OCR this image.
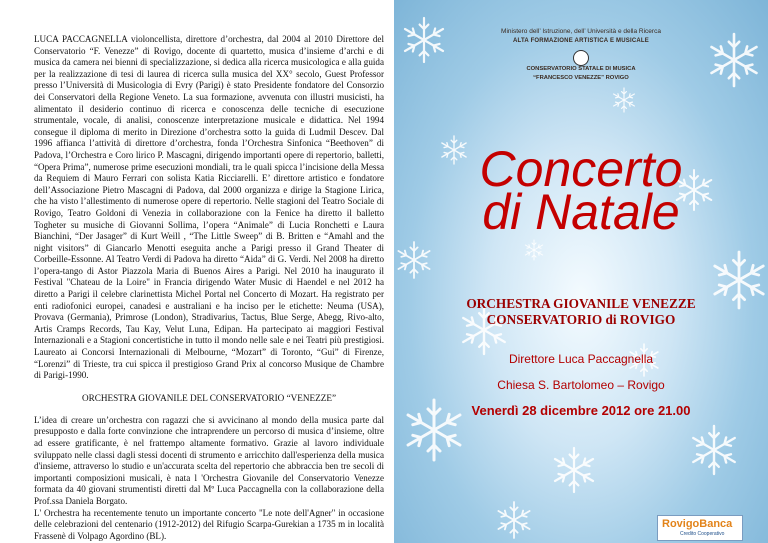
LUCA PACCAGNELLA violoncellista, direttore d’orchestra, dal 2004 al 2010 Direttore del Conservatorio “F. Venezze” di Rovigo, docente di quartetto, musica d’insieme d’archi e di musica da camera nei bienni di specializzazione, si dedica alla ricerca musicologica e alla guida per la realizzazione di tesi di laurea di ricerca sulla musica del XX° secolo, Guest Professor presso l’Università di Musicologia di Evry (Parigi) è stato Presidente fondatore del Consorzio dei Conservatori della Regione Veneto. La sua formazione, avvenuta con illustri musicisti, ha alimentato il desiderio continuo di ricerca e conoscenza delle tecniche di esecuzione strumentale, vocale, di analisi, conoscenze interpretazione musicale e didattica. Nel 1994 consegue il diploma di merito in Direzione d’orchestra sotto la guida di Ludmil Descev. Dal 1996 affianca l’attività di direttore d’orchestra, fonda l’Orchestra Sinfonica “Beethoven” di Padova, l’Orchestra e Coro lirico P. Mascagni, dirigendo importanti opere di repertorio, balletti, “Opera Prima”, numerose prime esecuzioni mondiali, tra le quali spicca l’incisione della Messa da Requiem di Mauro Ferrari con solista Katia Ricciarelli. E’ direttore artistico e fondatore dell’Associazione Pietro Mascagni di Padova, dal 2000 organizza e dirige la Stagione Lirica, che ha visto l’allestimento di numerose opere di repertorio. Nelle stagioni del Teatro Sociale di Rovigo, Teatro Goldoni di Venezia in collaborazione con la Fenice ha diretto il balletto Togheter su musiche di Giovanni Sollima, l’opera “Animale” di Lucia Ronchetti e Laura Bianchini, “Der Jasager” di Kurt Weill , “The Little Sweep” di B. Britten e “Amahl and the night visitors” di Giancarlo Menotti eseguita anche a Parigi presso il Grand Theater di Corbeille-Essonne. Al Teatro Verdi di Padova ha diretto “Aida” di G. Verdi. Nel 2008 ha diretto l’opera-tango di Astor Piazzola Maria di Buenos Aires a Parigi. Nel 2010 ha inaugurato il Festival "Chateau de la Loire" in Francia dirigendo Water Music di Haendel e nel 2012 ha diretto a Parigi il celebre clarinettista Michel Portal nel Concerto di Mozart. Ha registrato per enti radiofonici europei, canadesi e australiani e ha inciso per le etichette: Neuma (USA), Provava (Germania), Primrose (London), Stradivarius, Tactus, Blue Serge, Abegg, Rivo-alto, Artis Cramps Records, Tau Kay, Velut Luna, Edipan. Ha partecipato ai maggiori Festival Internazionali e a Stagioni concertistiche in tutto il mondo nelle sale e nei Teatri più prestigiosi. Laureato ai Concorsi Internazionali di Melbourne, “Mozart” di Toronto, “Gui” di Firenze, “Lorenzi” di Trieste, tra cui spicca il prestigioso Grand Prix al concorso Musique de Chambre di Parigi-1990.

ORCHESTRA GIOVANILE DEL CONSERVATORIO “VENEZZE”

L’idea di creare un’orchestra con ragazzi che si avvicinano al mondo della musica parte dal presupposto e dalla forte convinzione che intraprendere un percorso di musica d’insieme, oltre ad essere gratificante, è nel frattempo altamente formativo. Grazie al lavoro individuale sviluppato nelle classi dagli stessi docenti di strumento e arricchito dall'esperienza della musica d'insieme, attraverso lo studio e un'accurata scelta del repertorio che abbraccia ben tre secoli di importanti composizioni musicali, è nata l 'Orchestra Giovanile del Conservatorio Venezze formata da 40 giovani strumentisti diretti dal Mº Luca Paccagnella con la collaborazione della Prof.ssa Daniela Borgato.

L' Orchestra ha recentemente tenuto un importante concerto "Le note dell'Agner" in occasione delle celebrazioni del centenario (1912-2012) del Rifugio Scarpa-Gurekian a 1735 m in località Frassenè di Volpago Agordino (BL).

Ministero dell’ Istruzione, dell’ Università e della Ricerca
ALTA FORMAZIONE ARTISTICA E MUSICALE
CONSERVATORIO STATALE DI MUSICA
“FRANCESCO VENEZZE” ROVIGO
Concerto
di Natale
ORCHESTRA GIOVANILE VENEZZE
CONSERVATORIO di ROVIGO
Direttore Luca Paccagnella
Chiesa S. Bartolomeo – Rovigo
Venerdì 28 dicembre 2012 ore 21.00
RovigoBanca
Credito Cooperativo
